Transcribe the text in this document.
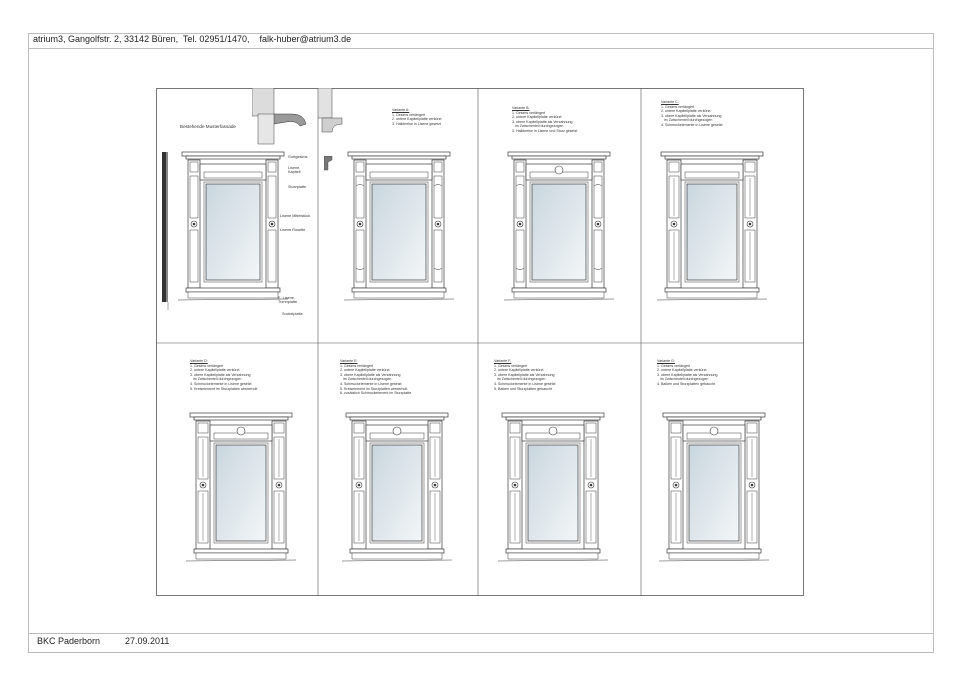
atrium3, Gangolfstr. 2, 33142 Büren,  Tel. 02951/1470,    falk-huber@atrium3.de
BKC Paderborn	27.09.2011
Bestehende Musterfassade
Gurtgesims
Lisene,
Kapitell
Sturzplatte
Lisene Mittelstück
Lisene Rosette
E. Lisene,
Trennplatte
Sockelplatte
Variante A:
1. Gesims verlängert
2. untere Kapitellplatte verkürzt
3. Halbkreise in Lisene gesetzt
Variante B:
1. Gesims verlängert
2. untere Kapitellplatte verkürzt
3. obere Kapitellplatte als Verzahnung
im Zwischenteil durchgezogen
3. Halbkreise in Lisene und Sturz gesetzt
Variante C:
1. Gesims verlängert
2. untere Kapitellplatte verkürzt
3. obere Kapitellplatte als Verzahnung
im Zwischenteil durchgezogen
4. Schmuckelemente in Lisene gesetzt
Variante D:
1. Gesims verlängert
2. untere Kapitellplatte verkürzt
3. obere Kapitellplatte als Verzahnung
im Zwischenteil durchgezogen
4. Schmuckelemente in Lisene gesetzt
5. Kreiselement im Sturzplatten wiederholt
Variante E:
1. Gesims verlängert
2. untere Kapitellplatte verkürzt
3. obere Kapitellplatte als Verzahnung
im Zwischenteil durchgezogen
4. Schmuckelemente in Lisene gesetzt
5. Kreiselement im Sturzplatten wiederholt
6. zusätzlich Schmuckelement im Sturzplatte
Variante F:
1. Gesims verlängert
2. untere Kapitellplatte verkürzt
3. obere Kapitellplatte als Verzahnung
im Zwischenteil durchgezogen
4. Schmuckelemente in Lisene gesetzt
5. Balken und Sturzplatten gebaucht
Variante G:
1. Gesims verlängert
2. untere Kapitellplatte verkürzt
3. obere Kapitellplatte als Verzahnung
im Zwischenteil durchgezogen
4. Balken und Sturzplatten gebaucht
